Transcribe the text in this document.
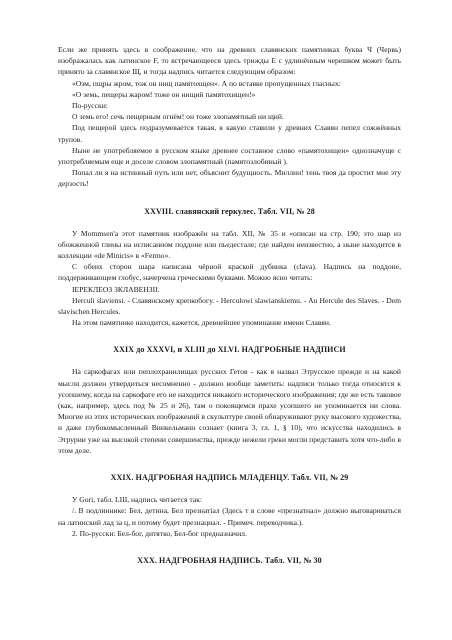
Если же принять здесь в соображение, что на древних славянских памятниках буква Ч (Червь) изображалась как латинское F, то встречающееся здесь трижды Е с удлинённым черешком может быть принято за славянское Щ, и тогда надпись читается следующим образом:

«Озм, пщры жром, тож он нищ памятохщен». А по вставке пропущенных гласных:

«О земь, пещеры жаром! тоже он нищий памятохищен!»

По-русски:

О земь его! сечь пещерным огнём! он тоже злопамятный ни щий.

Под пещерой здесь подразумевается такая, в какую ставили у древних Славян пепел сожжённых трупов.

Ныне не употребляемое в русском языке древнее составное слово «памятохищен» однозначуще с употребляемым еще и доселе словом злопамятный (памятозлобивый ).

Попал ли я на истинный путь или нет, объяснит будущность. Миллин! тень твоя да простит мне эту дерзость!

XXVIII. славянский геркулес. Табл. VII, № 28

У Mommsen'а этот памятник изображён на табл. XII, № 35 и «описан на стр. 190; это шар из обожженной глины на исписанном поддоне или пьедестале; где найден неизвестно, а ныне находится в коллекции «de Minicis» в «Fermo».

С обеих сторон шара написана чёрной краской дубинка (clava). Надпись на поддоне, поддерживающем глобус, начерчена греческими буквами. Можно ясно читать:

ІЕРЕКЛЕОЗ ЗКЛАВЕНЗІІ.

Herculi slaviensi. - Славянскому крепкобогу. - Herculowi slawianskiemu. - Au Hercule des Slaves. - Dem slavischen Hercules.

На этом памятнике находится, кажется, древнейшее упоминание имени Славян.

XXIX до XXXVI, и XLIII до XLVI. НАДГРОБНЫЕ НАДПИСИ

На саркофагах или пеплохранилищах русских Гетов - как я назвал Этрусское прежде и на какой мысли должен утвердиться несомненно - должно вообще заметить: надписи только тогда относятся к усопшему, когда на саркофаге его не находится никакого исторического изображения; где же есть таковое (как, например, здесь под № 25 и 26), там о покоящемся прахе усопшего не упоминается ни слова. Многие из этих исторических изображений в скульптуре своей обнаруживают руку высокого художества, и даже глубокомысленный Винкельманн сознает (книга 3, гл. 1, § 10), что искусства находились в Этрурии уже на высокой степени совершенства, прежде нежели греки могли представить хотя что-либо в этом деле.

XXIX. НАДГРОБНАЯ НАДПИСЬ МЛАДЕНЦУ. Табл. VII, № 29

У Gori, табл. LIII, надпись читается так:

/. В подлиннике: Бел, детина, Бел презнатіал (Здесь т в слове «презнатнал» должно выговариваться на латинский лад за ц, и потому будет презнациал. - Примеч. переводчика.).

2. По-русски: Бел-бог, дитятко, Бел-бог предназначил.

XXX. НАДГРОБНАЯ НАДПИСЬ. Табл. VII, № 30
